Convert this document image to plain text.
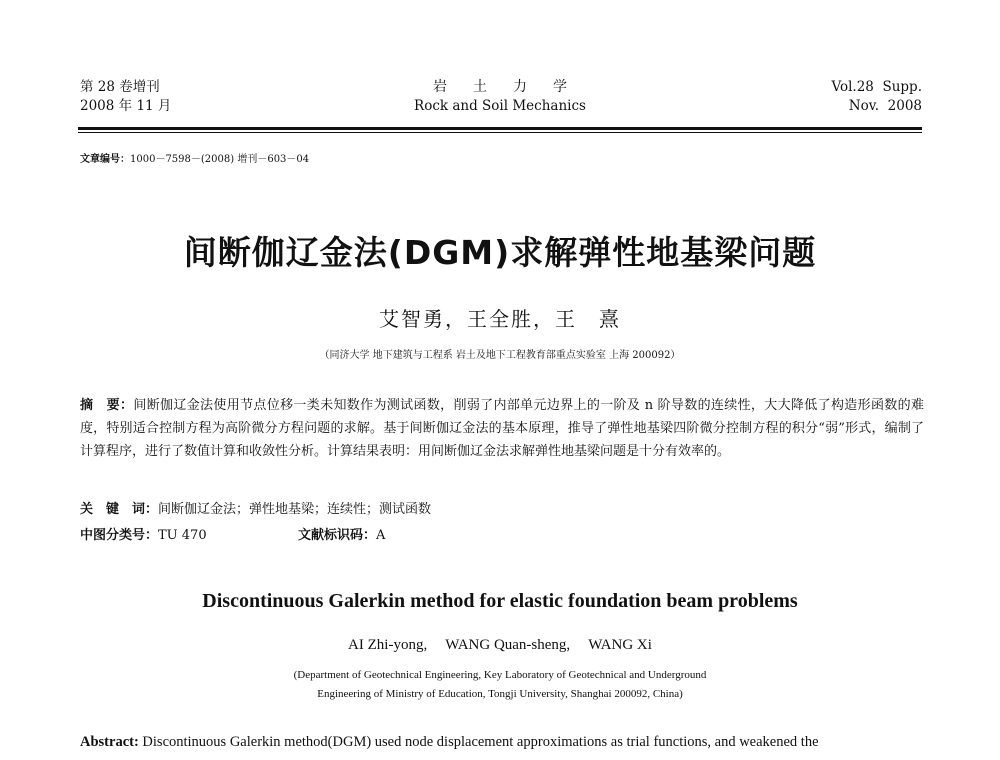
第 28 卷增刊
2008 年 11 月
岩土力学
Rock and Soil Mechanics
Vol.28  Supp.
Nov.  2008
文章编号：1000－7598－(2008) 增刊－603－04
间断伽辽金法(DGM)求解弹性地基梁问题
艾智勇，王全胜，王　熹
（同济大学 地下建筑与工程系 岩土及地下工程教育部重点实验室 上海 200092）
摘　要：间断伽辽金法使用节点位移一类未知数作为测试函数，削弱了内部单元边界上的一阶及 n 阶导数的连续性，大大降低了构造形函数的难度，特别适合控制方程为高阶微分方程问题的求解。基于间断伽辽金法的基本原理，推导了弹性地基梁四阶微分控制方程的积分“弱”形式，编制了计算程序，进行了数值计算和收敛性分析。计算结果表明：用间断伽辽金法求解弹性地基梁问题是十分有效率的。
关　键　词：间断伽辽金法；弹性地基梁；连续性；测试函数
中图分类号：TU 470	文献标识码：A
Discontinuous Galerkin method for elastic foundation beam problems
AI Zhi-yong, WANG Quan-sheng, WANG Xi
(Department of Geotechnical Engineering, Key Laboratory of Geotechnical and Underground
Engineering of Ministry of Education, Tongji University, Shanghai 200092, China)
Abstract: Discontinuous Galerkin method(DGM) used node displacement approximations as trial functions, and weakened the
